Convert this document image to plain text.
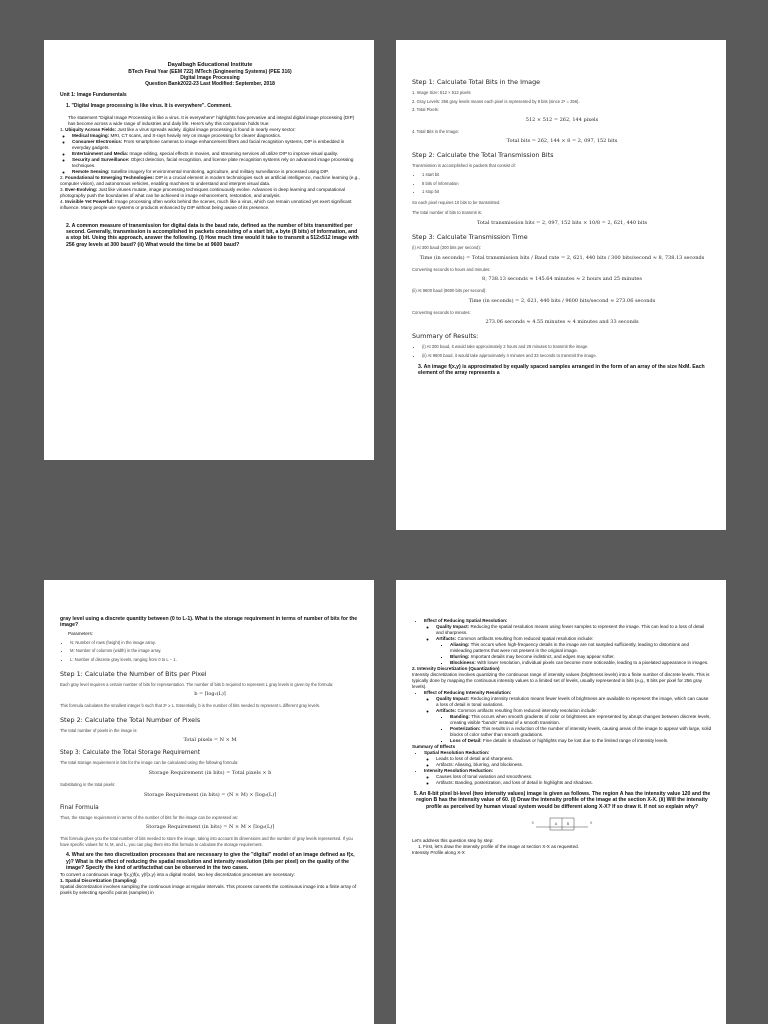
Dayalbagh Educational Institute
BTech Final Year (EEM 722) /MTech (Engineering Systems) (PEE 316)
Digital Image Processing
Question Bank2022-23 Last Modified: September, 2018
Unit 1: Image Fundamentals
1. "Digital Image processing is like virus. It is everywhere". Comment.
The statement "Digital Image Processing is like a virus. It is everywhere" highlights how pervasive and integral digital image processing (DIP) has become across a wide range of industries and daily life. Here's why this comparison holds true:
1. Ubiquity Across Fields: Just like a virus spreads widely, digital image processing is found in nearly every sector:
◦ Medical Imaging: MRI, CT scans, and X-rays heavily rely on image processing for clearer diagnostics.
◦ Consumer Electronics: From smartphone cameras to image enhancement filters and facial recognition systems, DIP is embedded in everyday gadgets.
◦ Entertainment and Media: Image editing, special effects in movies, and streaming services all utilize DIP to improve visual quality.
◦ Security and Surveillance: Object detection, facial recognition, and license plate recognition systems rely on advanced image processing techniques.
◦ Remote Sensing: Satellite imagery for environmental monitoring, agriculture, and military surveillance is processed using DIP.
2. Foundational to Emerging Technologies: DIP is a crucial element in modern technologies such as artificial intelligence, machine learning (e.g., computer vision), and autonomous vehicles, enabling machines to understand and interpret visual data.
3. Ever-Evolving: Just like viruses mutate, image processing techniques continuously evolve. Advances in deep learning and computational photography push the boundaries of what can be achieved in image enhancement, restoration, and analysis.
4. Invisible Yet Powerful: Image processing often works behind the scenes, much like a virus, which can remain unnoticed yet exert significant influence. Many people use systems or products enhanced by DIP without being aware of its presence.
2. A common measure of transmission for digital data is the baud rate, defined as the number of bits transmitted per second. Generally, transmission is accomplished in packets consisting of a start bit, a byte (8 bits) of information, and a stop bit. Using this approach, answer the following. (i) How much time would it take to transmit a 512x512 image with 256 gray levels at 300 baud? (ii) What would the time be at 9600 baud?
Step 1: Calculate Total Bits in the Image
1. Image Size: 512 × 512 pixels
2. Gray Levels: 256 gray levels means each pixel is represented by 8 bits (since 2⁸ = 256).
3. Total Pixels:
512 × 512 = 262, 144 pixels
4. Total Bits in the Image:
Total bits = 262, 144 × 8 = 2, 097, 152 bits
Step 2: Calculate the Total Transmission Bits
Transmission is accomplished in packets that consist of:
• 1 start bit
• 8 bits of information
• 1 stop bit
So each pixel requires 10 bits to be transmitted.
The total number of bits to transmit is:
Total transmission bits = 2, 097, 152 bits × 10/8 = 2, 621, 440 bits
Step 3: Calculate Transmission Time
(i) At 300 baud (300 bits per second):
Time (in seconds) = Total transmission bits / Baud rate = 2, 621, 440 bits / 300 bits/second ≈ 8, 738.13 seconds
Converting seconds to hours and minutes:
8, 738.13 seconds ≈ 145.64 minutes ≈ 2 hours and 25 minutes
(ii) At 9600 baud (9600 bits per second):
Time (in seconds) = 2, 621, 440 bits / 9600 bits/second ≈ 273.06 seconds
Converting seconds to minutes:
273.06 seconds ≈ 4.55 minutes ≈ 4 minutes and 33 seconds
Summary of Results:
• (i) At 300 baud, it would take approximately 2 hours and 25 minutes to transmit the image.
• (ii) At 9600 baud, it would take approximately 4 minutes and 33 seconds to transmit the image.
3. An image f(x,y) is approximated by equally spaced samples arranged in the form of an array of the size NxM. Each element of the array represents a
gray level using a discrete quantity between (0 to L-1). What is the storage requirement in terms of number of bits for the image?
Parameters:
• N: Number of rows (height) in the image array.
• M: Number of columns (width) in the image array.
• L: Number of discrete gray levels, ranging from 0 to L − 1.
Step 1: Calculate the Number of Bits per Pixel
Each gray level requires a certain number of bits for representation. The number of bits b required to represent L gray levels is given by the formula:
b = ⌈log₂(L)⌉
This formula calculates the smallest integer b such that 2ᵇ ≥ L. Essentially, b is the number of bits needed to represent L different gray levels.
Step 2: Calculate the Total Number of Pixels
The total number of pixels in the image is:
Total pixels = N × M
Step 3: Calculate the Total Storage Requirement
The total storage requirement in bits for the image can be calculated using the following formula:
Storage Requirement (in bits) = Total pixels × b
Substituting in the total pixels:
Storage Requirement (in bits) = (N × M) × ⌈log₂(L)⌉
Final Formula
Thus, the storage requirement in terms of the number of bits for the image can be expressed as:
Storage Requirement (in bits) = N × M × ⌈log₂(L)⌉
This formula gives you the total number of bits needed to store the image, taking into account its dimensions and the number of gray levels represented. If you have specific values for N, M, and L, you can plug them into this formula to calculate the storage requirement.
4. What are the two discretization processes that are necessary to give the "digital" model of an image defined as f(x, y)? What is the effect of reducing the spatial resolution and intensity resolution (bits per pixel) on the quality of the image? Specify the kind of artifactsthat can be observed in the two cases.
To convert a continuous image f(x,y)f(x, y)f(x,y) into a digital model, two key discretization processes are necessary:
1. Spatial Discretization (Sampling)
Spatial discretization involves sampling the continuous image at regular intervals. This process converts the continuous image into a finite array of pixels by selecting specific points (samples) in
• Effect of Reducing Spatial Resolution:
◦ Quality Impact: Reducing the spatial resolution means using fewer samples to represent the image. This can lead to a loss of detail and sharpness.
◦ Artifacts: Common artifacts resulting from reduced spatial resolution include:
▪ Aliasing: This occurs when high-frequency details in the image are not sampled sufficiently, leading to distortions and misleading patterns that were not present in the original image.
▪ Blurring: Important details may become indistinct, and edges may appear softer.
▪ Blockiness: With lower resolution, individual pixels can become more noticeable, leading to a pixelated appearance in images.
2. Intensity Discretization (Quantization)
Intensity discretization involves quantizing the continuous range of intensity values (brightness levels) into a finite number of discrete levels. This is typically done by mapping the continuous intensity values to a limited set of levels, usually represented in bits (e.g., 8 bits per pixel for 256 gray levels).
• Effect of Reducing Intensity Resolution:
◦ Quality Impact: Reducing intensity resolution means fewer levels of brightness are available to represent the image, which can cause a loss of detail in tonal variations.
◦ Artifacts: Common artifacts resulting from reduced intensity resolution include:
▪ Banding: This occurs when smooth gradients of color or brightness are represented by abrupt changes between discrete levels, creating visible "bands" instead of a smooth transition.
▪ Posterization: This results in a reduction of the number of intensity levels, causing areas of the image to appear with large, solid blocks of color rather than smooth gradations.
▪ Loss of Detail: Fine details in shadows or highlights may be lost due to the limited range of intensity levels.
Summary of Effects
• Spatial Resolution Reduction:
◦ Leads to loss of detail and sharpness.
◦ Artifacts: Aliasing, blurring, and blockiness.
• Intensity Resolution Reduction:
◦ Causes loss of tonal variation and smoothness.
◦ Artifacts: Banding, posterization, and loss of detail in highlights and shadows.
5. An 8-bit pixel bi-level (two intensity values) image is given as follows. The region A has the intensity value 120 and the region B has the intensity value of 60. (i) Draw the intensity profile of the image at the section X-X. (ii) Will the intensity profile as perceived by human visual system would be different along X-X? If so draw it. If not so explain why?
X	X
A	B
Let's address this question step by step:
1. First, let's draw the intensity profile of the image at section X-X as requested.
Intensity Profile along X-X
